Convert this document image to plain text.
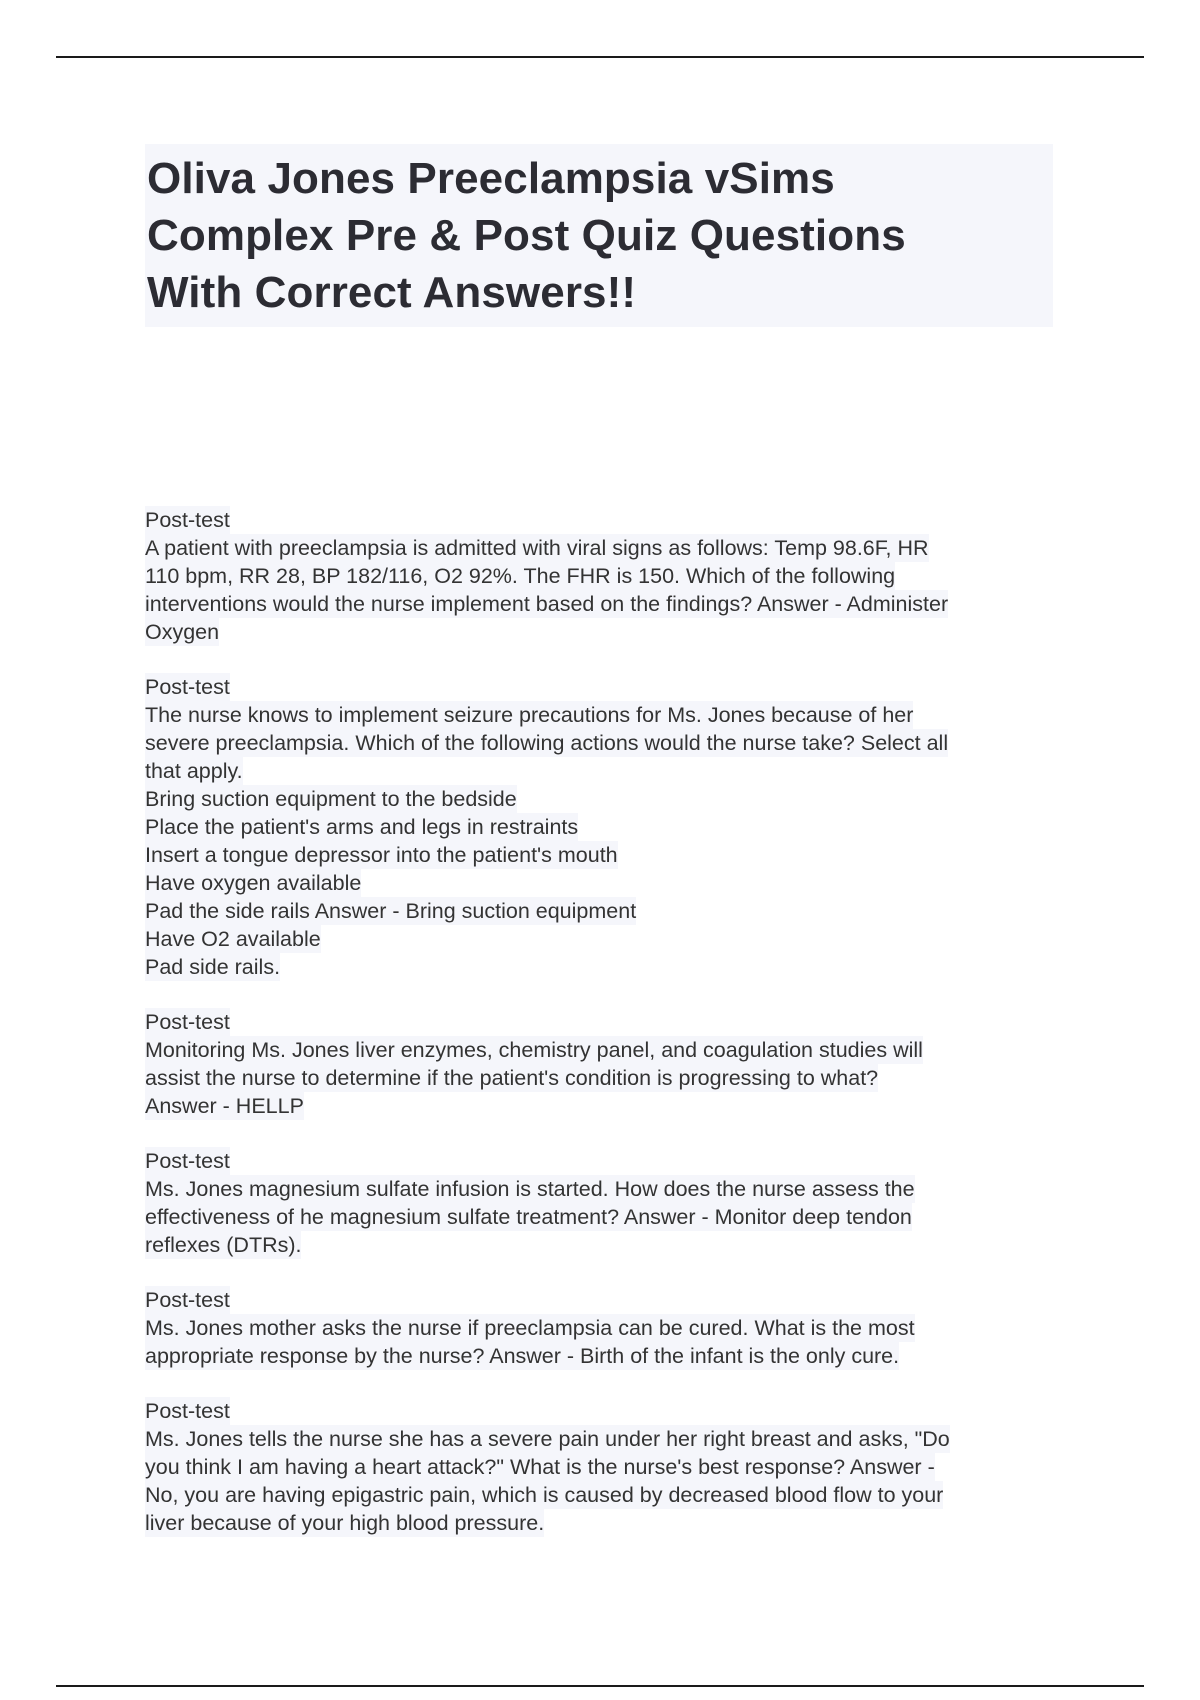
Oliva Jones Preeclampsia vSims
Complex Pre & Post Quiz Questions
With Correct Answers!!
Post-test
A patient with preeclampsia is admitted with viral signs as follows: Temp 98.6F, HR
110 bpm, RR 28, BP 182/116, O2 92%. The FHR is 150. Which of the following
interventions would the nurse implement based on the findings? Answer - Administer
Oxygen
Post-test
The nurse knows to implement seizure precautions for Ms. Jones because of her
severe preeclampsia. Which of the following actions would the nurse take? Select all
that apply.
Bring suction equipment to the bedside
Place the patient's arms and legs in restraints
Insert a tongue depressor into the patient's mouth
Have oxygen available
Pad the side rails Answer - Bring suction equipment
Have O2 available
Pad side rails.
Post-test
Monitoring Ms. Jones liver enzymes, chemistry panel, and coagulation studies will
assist the nurse to determine if the patient's condition is progressing to what?
Answer - HELLP
Post-test
Ms. Jones magnesium sulfate infusion is started. How does the nurse assess the
effectiveness of he magnesium sulfate treatment? Answer - Monitor deep tendon
reflexes (DTRs).
Post-test
Ms. Jones mother asks the nurse if preeclampsia can be cured. What is the most
appropriate response by the nurse? Answer - Birth of the infant is the only cure.
Post-test
Ms. Jones tells the nurse she has a severe pain under her right breast and asks, "Do
you think I am having a heart attack?" What is the nurse's best response? Answer -
No, you are having epigastric pain, which is caused by decreased blood flow to your
liver because of your high blood pressure.
